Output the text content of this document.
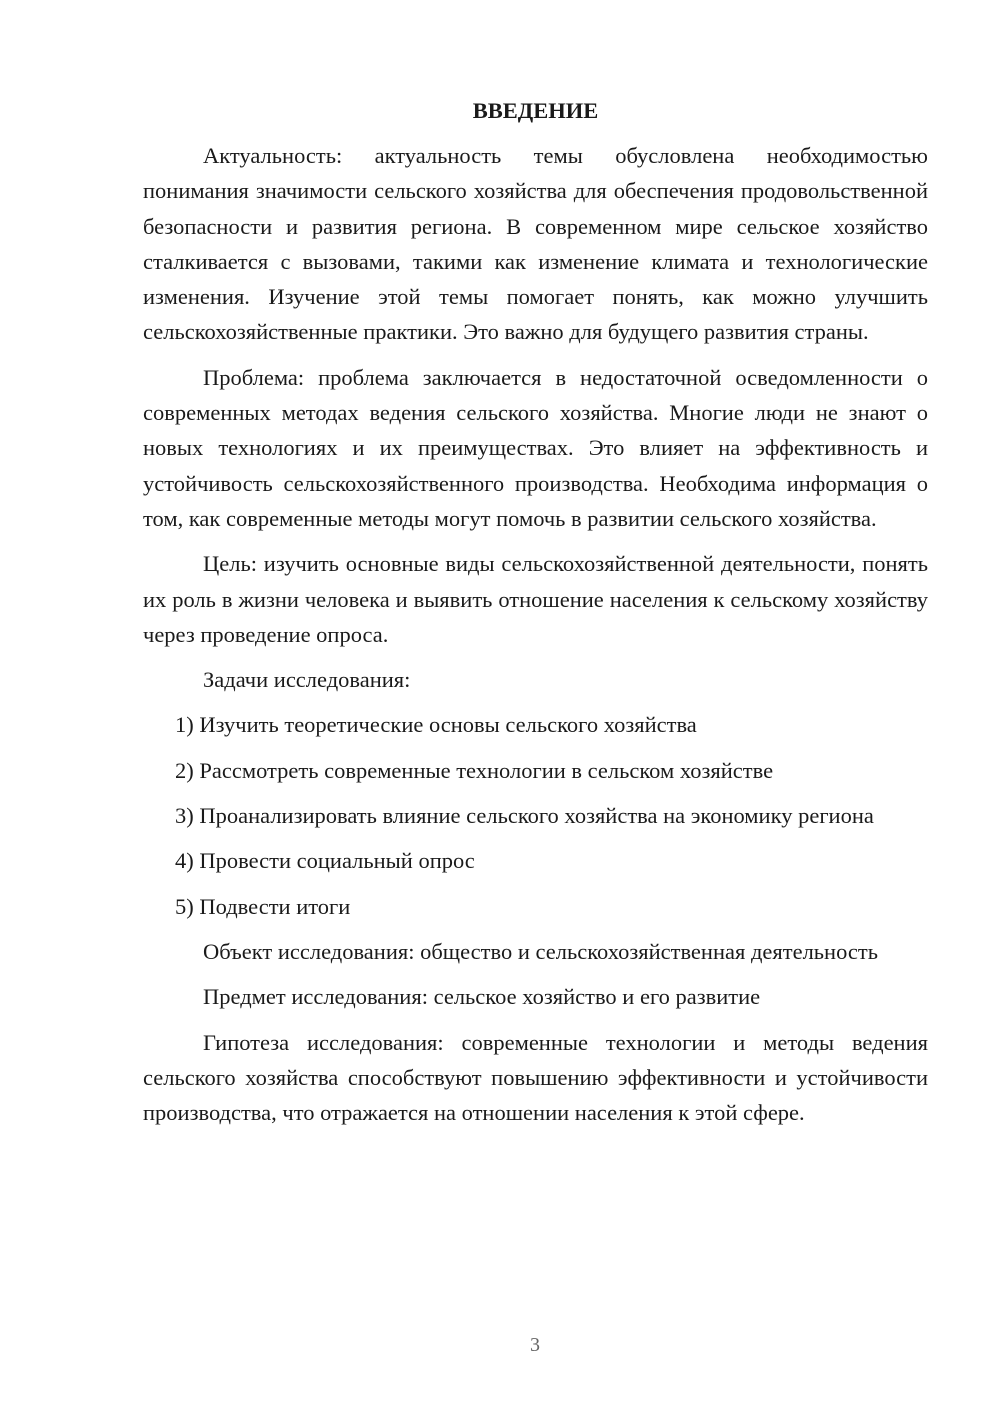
ВВЕДЕНИЕ

Актуальность: актуальность темы обусловлена необходимостью понимания значимости сельского хозяйства для обеспечения продовольственной безопасности и развития региона. В современном мире сельское хозяйство сталкивается с вызовами, такими как изменение климата и технологические изменения. Изучение этой темы помогает понять, как можно улучшить сельскохозяйственные практики. Это важно для будущего развития страны.

Проблема: проблема заключается в недостаточной осведомленности о современных методах ведения сельского хозяйства. Многие люди не знают о новых технологиях и их преимуществах. Это влияет на эффективность и устойчивость сельскохозяйственного производства. Необходима информация о том, как современные методы могут помочь в развитии сельского хозяйства.

Цель: изучить основные виды сельскохозяйственной деятельности, понять их роль в жизни человека и выявить отношение населения к сельскому хозяйству через проведение опроса.

Задачи исследования:

1) Изучить теоретические основы сельского хозяйства

2) Рассмотреть современные технологии в сельском хозяйстве

3) Проанализировать влияние сельского хозяйства на экономику региона

4) Провести социальный опрос

5) Подвести итоги

Объект исследования: общество и сельскохозяйственная деятельность

Предмет исследования: сельское хозяйство и его развитие

Гипотеза исследования: современные технологии и методы ведения сельского хозяйства способствуют повышению эффективности и устойчивости производства, что отражается на отношении населения к этой сфере.

3
